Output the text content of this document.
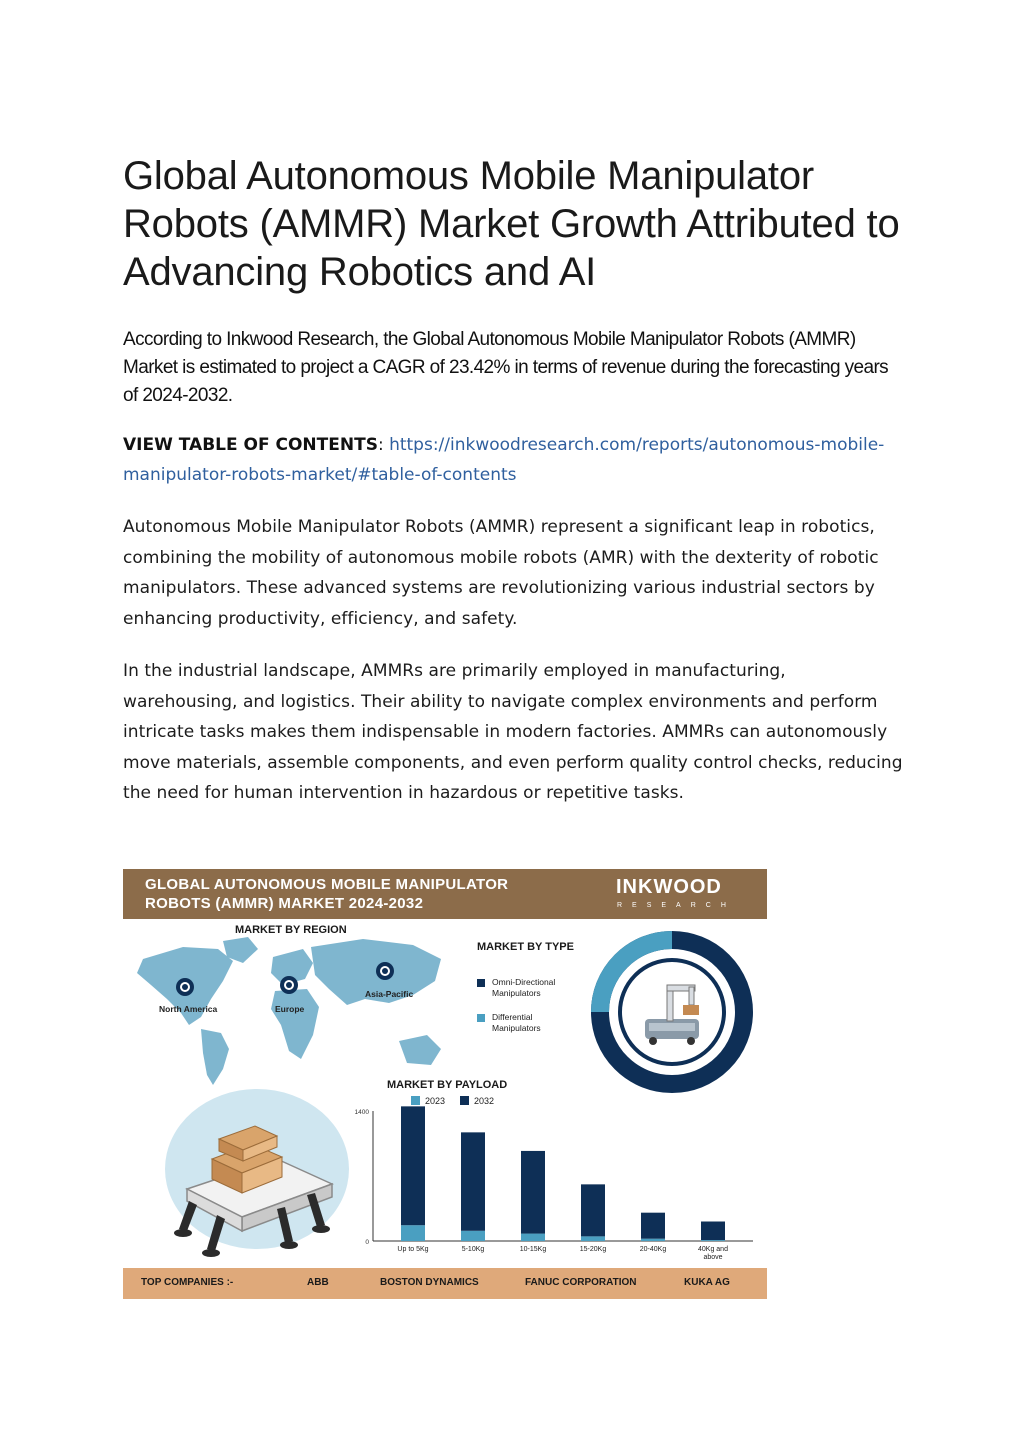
Global Autonomous Mobile Manipulator Robots (AMMR) Market Growth Attributed to Advancing Robotics and AI

According to Inkwood Research, the Global Autonomous Mobile Manipulator Robots (AMMR) Market is estimated to project a CAGR of 23.42% in terms of revenue during the forecasting years of 2024-2032.

VIEW TABLE OF CONTENTS: https://inkwoodresearch.com/reports/autonomous-mobile-manipulator-robots-market/#table-of-contents

Autonomous Mobile Manipulator Robots (AMMR) represent a significant leap in robotics, combining the mobility of autonomous mobile robots (AMR) with the dexterity of robotic manipulators. These advanced systems are revolutionizing various industrial sectors by enhancing productivity, efficiency, and safety.

In the industrial landscape, AMMRs are primarily employed in manufacturing, warehousing, and logistics. Their ability to navigate complex environments and perform intricate tasks makes them indispensable in modern factories. AMMRs can autonomously move materials, assemble components, and even perform quality control checks, reducing the need for human intervention in hazardous or repetitive tasks.

GLOBAL AUTONOMOUS MOBILE MANIPULATOR
ROBOTS (AMMR) MARKET 2024-2032
INKWOOD
RESEARCH
MARKET BY REGION
North America	Europe
Asia-Pacific
MARKET BY TYPE
Omni-Directional
Manipulators
Differential
Manipulators
MARKET BY PAYLOAD
2023	2032
0
1400
Up to 5Kg	5-10Kg	10-15Kg	15-20Kg	20-40Kg	40Kg and above
TOP COMPANIES :-	ABB	BOSTON DYNAMICS	FANUC CORPORATION	KUKA AG
